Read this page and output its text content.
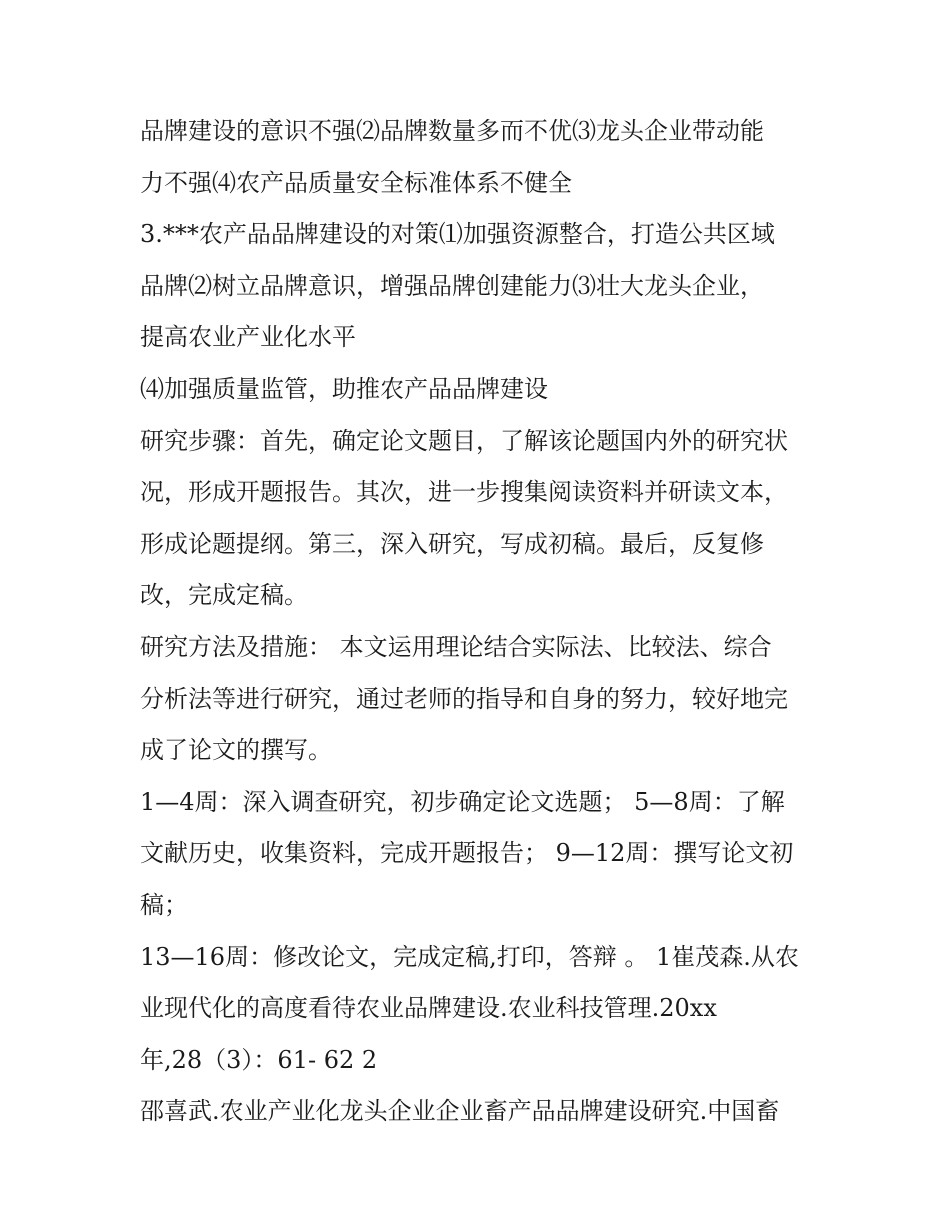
品牌建设的意识不强⑵品牌数量多而不优⑶龙头企业带动能
力不强⑷农产品质量安全标准体系不健全
3.***农产品品牌建设的对策⑴加强资源整合，打造公共区域
品牌⑵树立品牌意识，增强品牌创建能力⑶壮大龙头企业，
提高农业产业化水平
⑷加强质量监管，助推农产品品牌建设
研究步骤：首先，确定论文题目，了解该论题国内外的研究状
况，形成开题报告。其次，进一步搜集阅读资料并研读文本，
形成论题提纲。第三，深入研究，写成初稿。最后，反复修
改，完成定稿。
研究方法及措施： 本文运用理论结合实际法、比较法、综合
分析法等进行研究，通过老师的指导和自身的努力，较好地完
成了论文的撰写。
1—4周：深入调查研究，初步确定论文选题； 5—8周：了解
文献历史，收集资料，完成开题报告； 9—12周：撰写论文初
稿；
13—16周：修改论文，完成定稿,打印，答辩 。 1崔茂森.从农
业现代化的高度看待农业品牌建设.农业科技管理.20xx
年,28（3）：61- 62 2
邵喜武.农业产业化龙头企业企业畜产品品牌建设研究.中国畜
